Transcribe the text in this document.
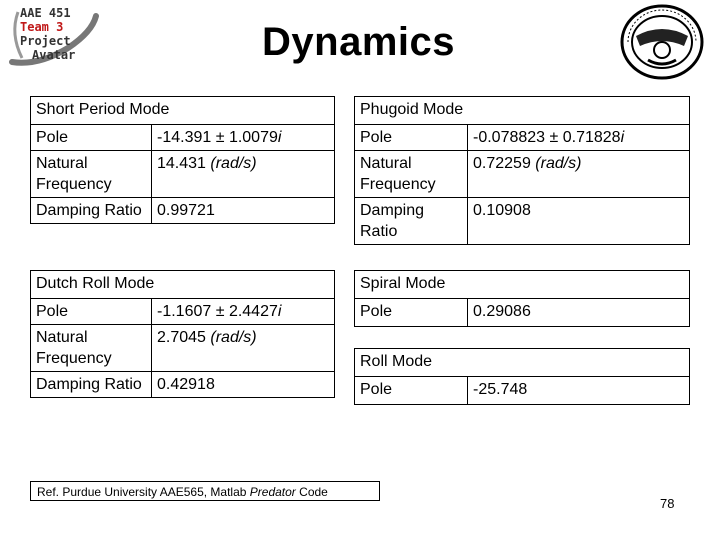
AAE 451
Team 3
Project
Avatar	Dynamics
Short Period Mode	
Pole	-14.391 ± 1.0079i
Natural Frequency	14.431 (rad/s)
Damping Ratio	0.99721
Phugoid Mode	
Pole	-0.078823 ± 0.71828i
Natural Frequency	0.72259 (rad/s)
Damping Ratio	0.10908
Dutch Roll Mode	
Pole	-1.1607 ± 2.4427i
Natural Frequency	2.7045 (rad/s)
Damping Ratio	0.42918
Spiral Mode
Pole	0.29086
Roll Mode
Pole	-25.748
Ref. Purdue University AAE565, Matlab Predator Code
78
